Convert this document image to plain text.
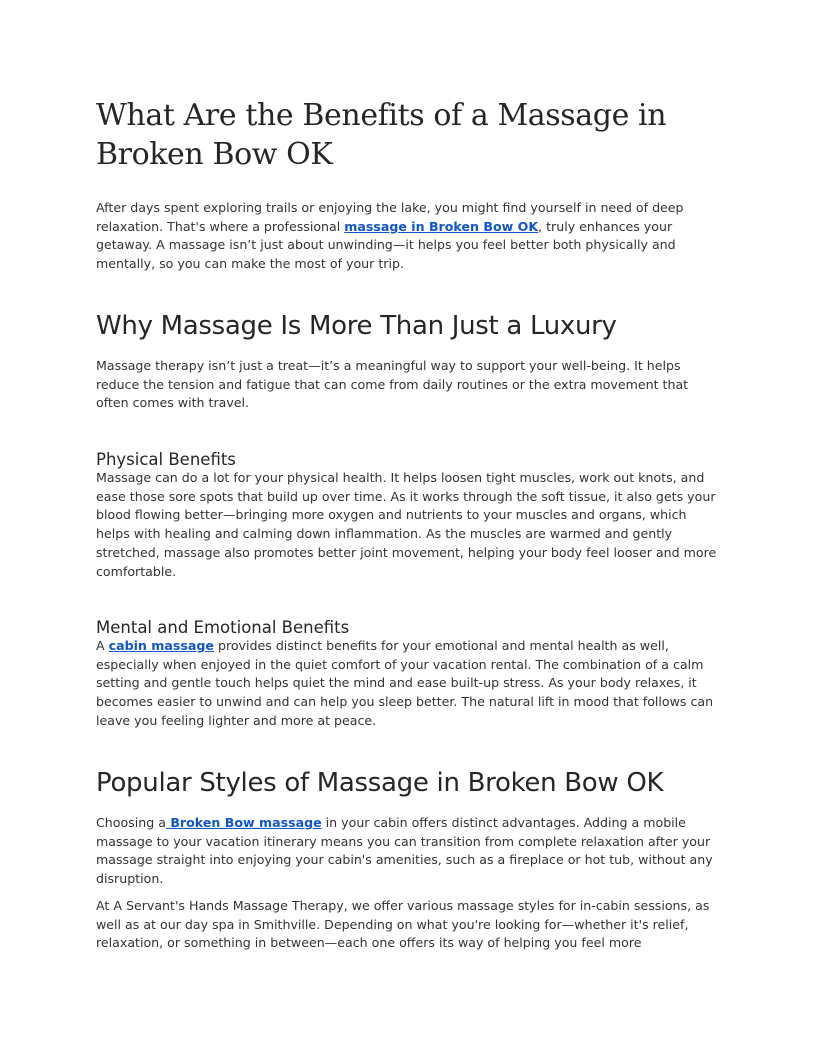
What Are the Benefits of a Massage in Broken Bow OK

After days spent exploring trails or enjoying the lake, you might find yourself in need of deep relaxation. That's where a professional massage in Broken Bow OK, truly enhances your getaway. A massage isn’t just about unwinding—it helps you feel better both physically and mentally, so you can make the most of your trip.

Why Massage Is More Than Just a Luxury

Massage therapy isn’t just a treat—it’s a meaningful way to support your well-being. It helps reduce the tension and fatigue that can come from daily routines or the extra movement that often comes with travel.

Physical Benefits

Massage can do a lot for your physical health. It helps loosen tight muscles, work out knots, and ease those sore spots that build up over time. As it works through the soft tissue, it also gets your blood flowing better—bringing more oxygen and nutrients to your muscles and organs, which helps with healing and calming down inflammation. As the muscles are warmed and gently stretched, massage also promotes better joint movement, helping your body feel looser and more comfortable.

Mental and Emotional Benefits

A cabin massage provides distinct benefits for your emotional and mental health as well, especially when enjoyed in the quiet comfort of your vacation rental. The combination of a calm setting and gentle touch helps quiet the mind and ease built-up stress. As your body relaxes, it becomes easier to unwind and can help you sleep better. The natural lift in mood that follows can leave you feeling lighter and more at peace.

Popular Styles of Massage in Broken Bow OK

Choosing a Broken Bow massage in your cabin offers distinct advantages. Adding a mobile massage to your vacation itinerary means you can transition from complete relaxation after your massage straight into enjoying your cabin's amenities, such as a fireplace or hot tub, without any disruption.

At A Servant's Hands Massage Therapy, we offer various massage styles for in-cabin sessions, as well as at our day spa in Smithville. Depending on what you're looking for—whether it's relief, relaxation, or something in between—each one offers its way of helping you feel more
